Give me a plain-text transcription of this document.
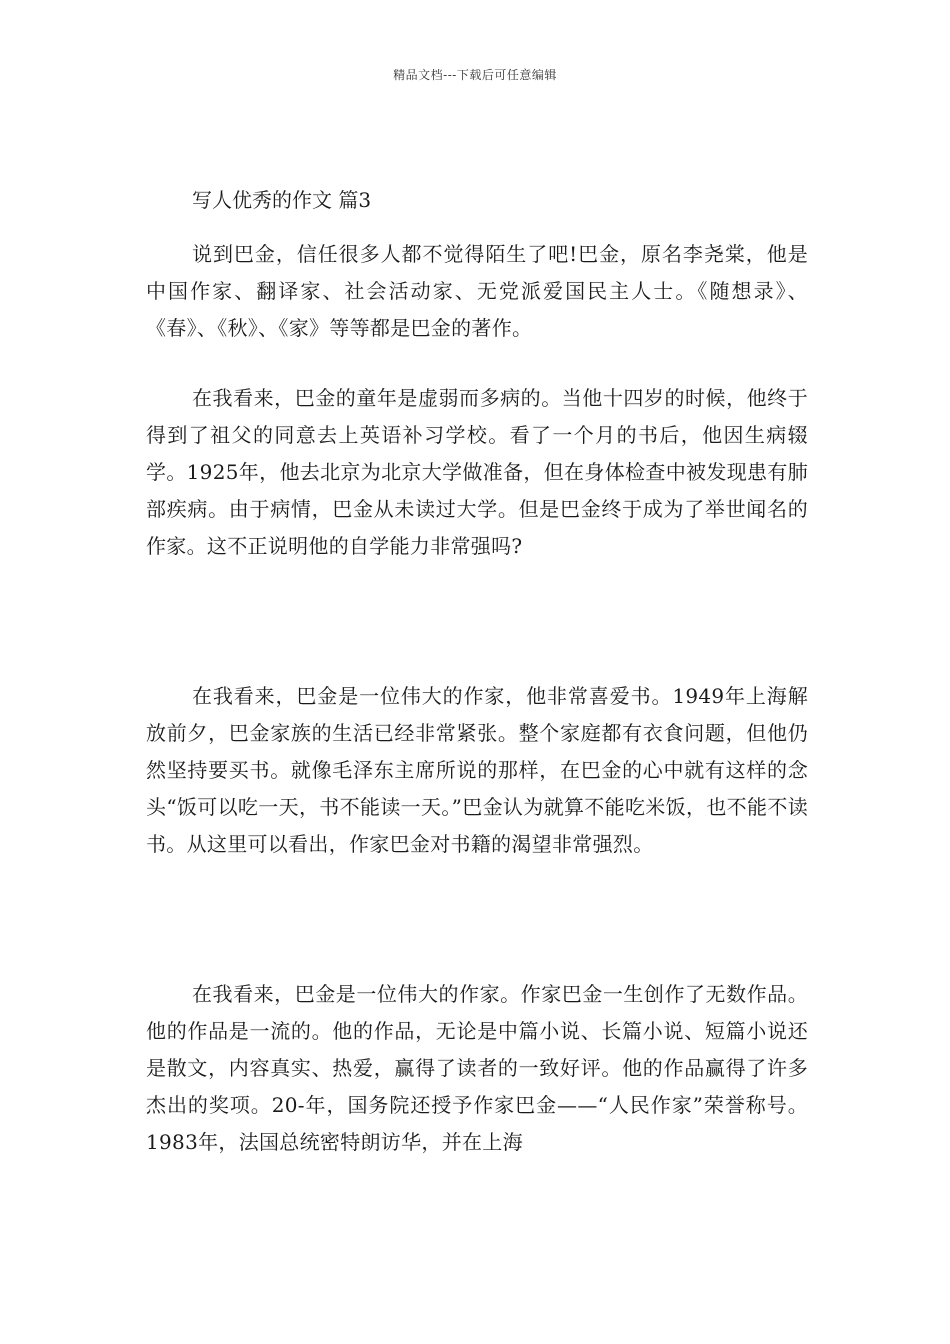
精品文档---下载后可任意编辑
写人优秀的作文 篇3

说到巴金，信任很多人都不觉得陌生了吧!巴金，原名李尧棠，他是中国作家、翻译家、社会活动家、无党派爱国民主人士。《随想录》、《春》、《秋》、《家》等等都是巴金的著作。

在我看来，巴金的童年是虚弱而多病的。当他十四岁的时候，他终于得到了祖父的同意去上英语补习学校。看了一个月的书后，他因生病辍学。1925年，他去北京为北京大学做准备，但在身体检查中被发现患有肺部疾病。由于病情，巴金从未读过大学。但是巴金终于成为了举世闻名的作家。这不正说明他的自学能力非常强吗?

在我看来，巴金是一位伟大的作家，他非常喜爱书。1949年上海解放前夕，巴金家族的生活已经非常紧张。整个家庭都有衣食问题，但他仍然坚持要买书。就像毛泽东主席所说的那样，在巴金的心中就有这样的念头“饭可以吃一天，书不能读一天。”巴金认为就算不能吃米饭，也不能不读书。从这里可以看出，作家巴金对书籍的渴望非常强烈。

在我看来，巴金是一位伟大的作家。作家巴金一生创作了无数作品。他的作品是一流的。他的作品，无论是中篇小说、长篇小说、短篇小说还是散文，内容真实、热爱，赢得了读者的一致好评。他的作品赢得了许多杰出的奖项。20-年，国务院还授予作家巴金——“人民作家”荣誉称号。1983年，法国总统密特朗访华，并在上海
